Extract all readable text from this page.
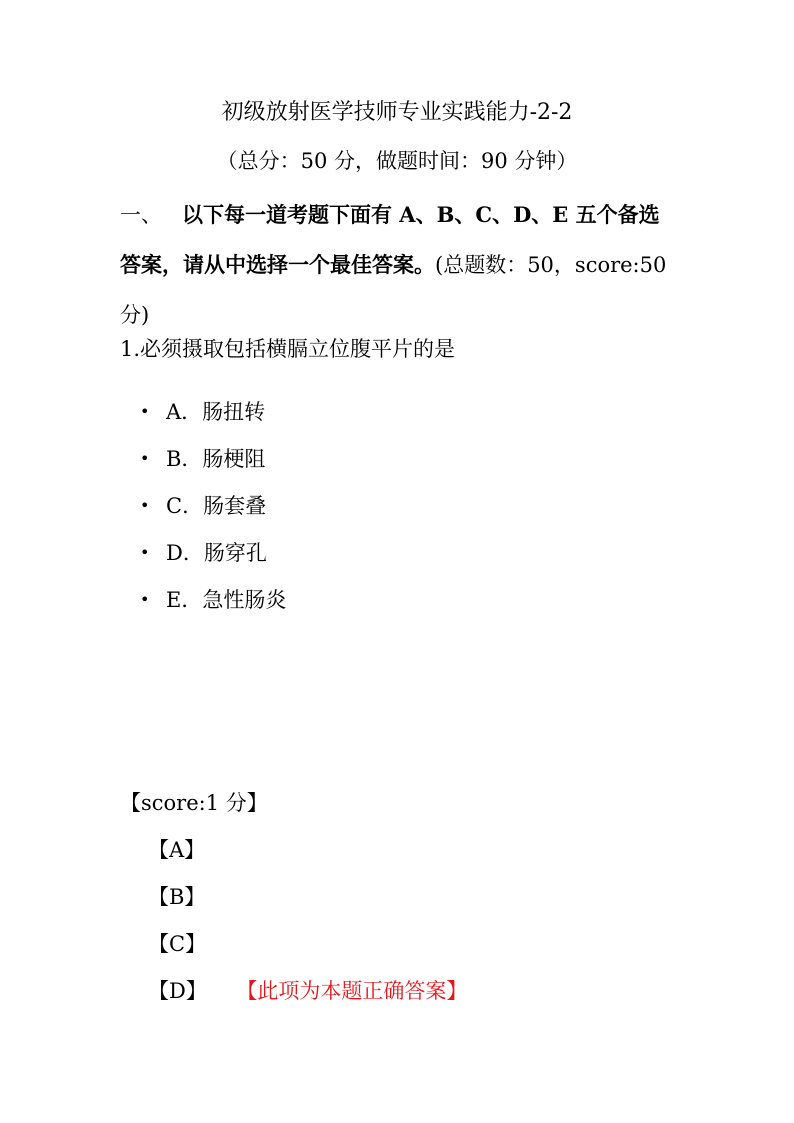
初级放射医学技师专业实践能力-2-2
（总分：50 分，做题时间：90 分钟）
一、 以下每一道考题下面有 A、B、C、D、E 五个备选答案，请从中选择一个最佳答案。(总题数：50，score:50 分)
1.必须摄取包括横膈立位腹平片的是
• A．肠扭转
• B．肠梗阻
• C．肠套叠
• D．肠穿孔
• E．急性肠炎
【score:1 分】
【A】
【B】
【C】
【D】 【此项为本题正确答案】
